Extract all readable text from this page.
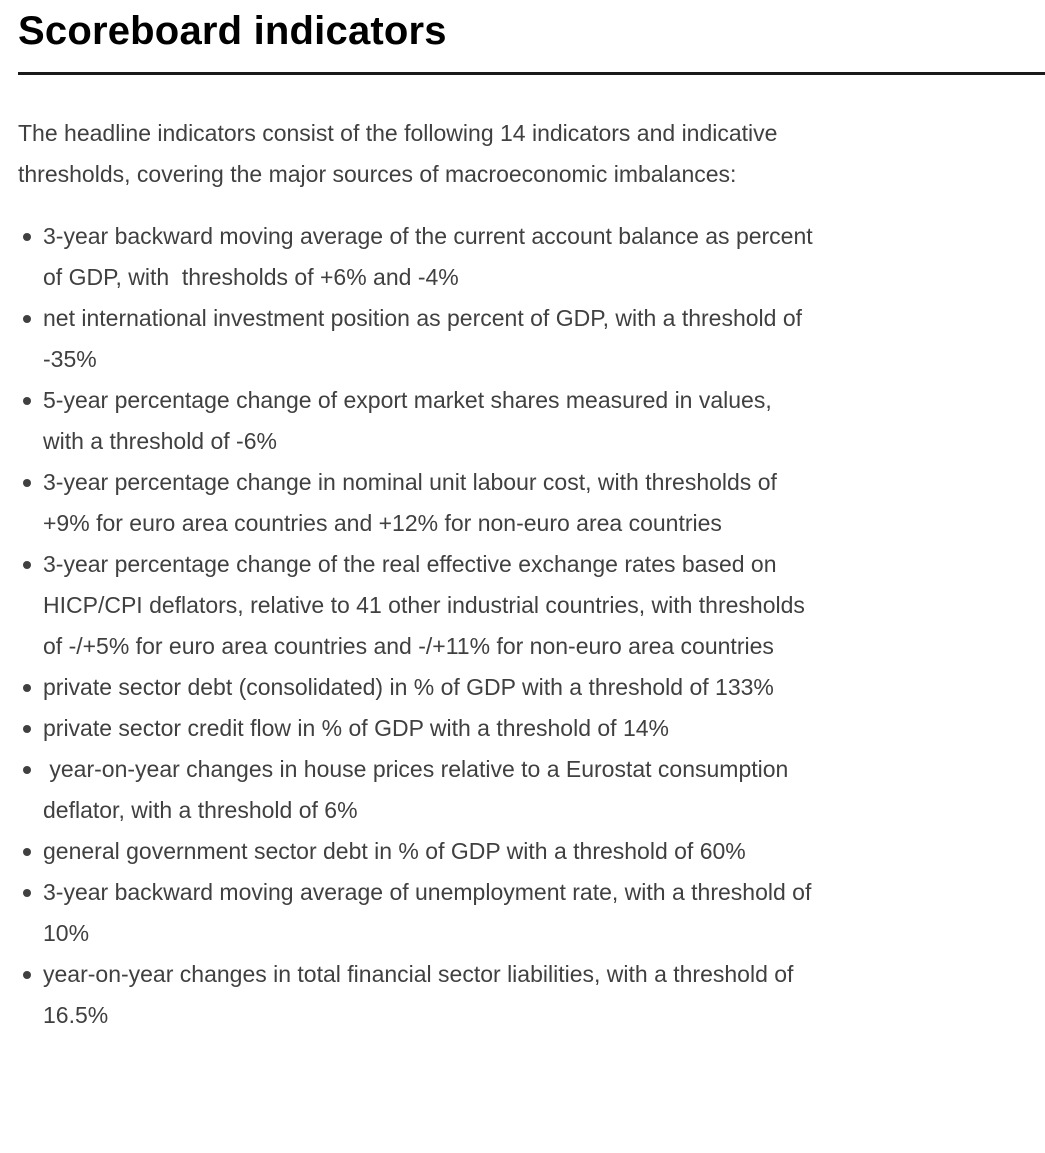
Scoreboard indicators

The headline indicators consist of the following 14 indicators and indicative thresholds, covering the major sources of macroeconomic imbalances:

3-year backward moving average of the current account balance as percent of GDP, with  thresholds of +6% and -4%
net international investment position as percent of GDP, with a threshold of -35%
5-year percentage change of export market shares measured in values, with a threshold of -6%
3-year percentage change in nominal unit labour cost, with thresholds of +9% for euro area countries and +12% for non-euro area countries
3-year percentage change of the real effective exchange rates based on HICP/CPI deflators, relative to 41 other industrial countries, with thresholds of -/+5% for euro area countries and -/+11% for non-euro area countries
private sector debt (consolidated) in % of GDP with a threshold of 133%
private sector credit flow in % of GDP with a threshold of 14%
year-on-year changes in house prices relative to a Eurostat consumption deflator, with a threshold of 6%
general government sector debt in % of GDP with a threshold of 60%
3-year backward moving average of unemployment rate, with a threshold of 10%
year-on-year changes in total financial sector liabilities, with a threshold of 16.5%
